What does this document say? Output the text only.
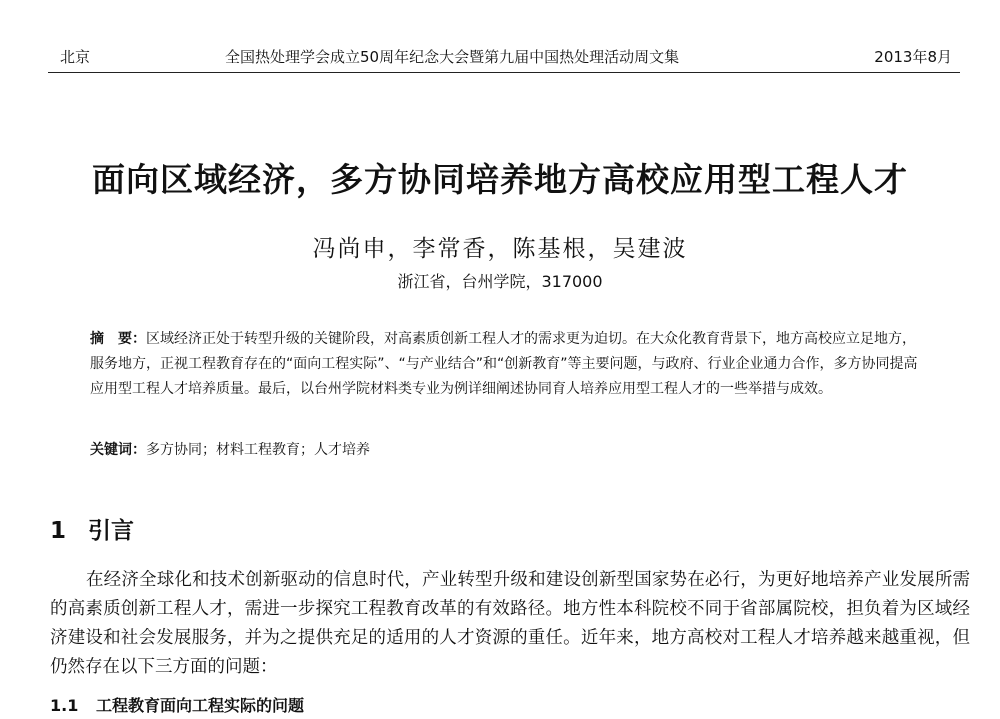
北京	全国热处理学会成立50周年纪念大会暨第九届中国热处理活动周文集	2013年8月
面向区域经济，多方协同培养地方高校应用型工程人才
冯尚申，李常香，陈基根，吴建波
浙江省，台州学院，317000
摘　要：区域经济正处于转型升级的关键阶段，对高素质创新工程人才的需求更为迫切。在大众化教育背景下，地方高校应立足地方，服务地方，正视工程教育存在的“面向工程实际”、“与产业结合”和“创新教育”等主要问题，与政府、行业企业通力合作，多方协同提高应用型工程人才培养质量。最后，以台州学院材料类专业为例详细阐述协同育人培养应用型工程人才的一些举措与成效。
关键词：多方协同；材料工程教育；人才培养
1 引言
在经济全球化和技术创新驱动的信息时代，产业转型升级和建设创新型国家势在必行，为更好地培养产业发展所需的高素质创新工程人才，需进一步探究工程教育改革的有效路径。地方性本科院校不同于省部属院校，担负着为区域经济建设和社会发展服务，并为之提供充足的适用的人才资源的重任。近年来，地方高校对工程人才培养越来越重视，但仍然存在以下三方面的问题：
1.1 工程教育面向工程实际的问题
